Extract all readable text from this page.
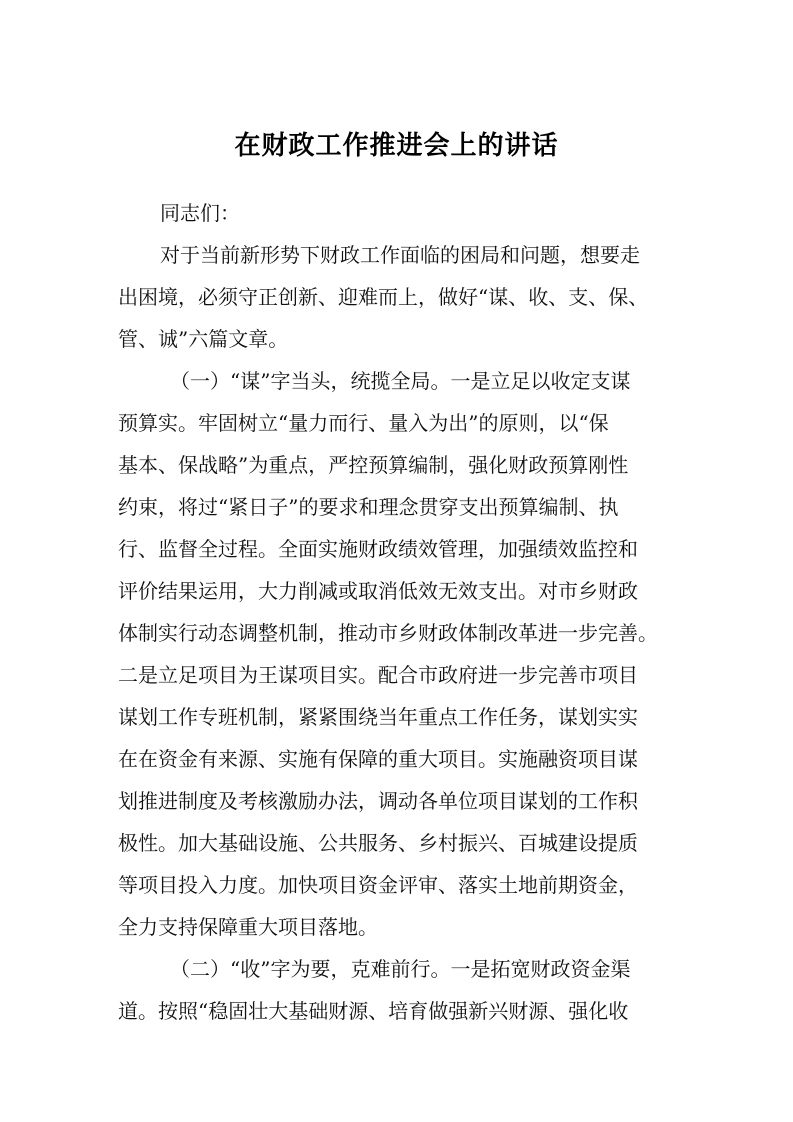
在财政工作推进会上的讲话
同志们：
对于当前新形势下财政工作面临的困局和问题，想要走
出困境，必须守正创新、迎难而上，做好“谋、收、支、保、
管、诚”六篇文章。
（一）“谋”字当头，统揽全局。一是立足以收定支谋
预算实。牢固树立“量力而行、量入为出”的原则，以“保
基本、保战略”为重点，严控预算编制，强化财政预算刚性
约束，将过“紧日子”的要求和理念贯穿支出预算编制、执
行、监督全过程。全面实施财政绩效管理，加强绩效监控和
评价结果运用，大力削减或取消低效无效支出。对市乡财政
体制实行动态调整机制，推动市乡财政体制改革进一步完善。
二是立足项目为王谋项目实。配合市政府进一步完善市项目
谋划工作专班机制，紧紧围绕当年重点工作任务，谋划实实
在在资金有来源、实施有保障的重大项目。实施融资项目谋
划推进制度及考核激励办法，调动各单位项目谋划的工作积
极性。加大基础设施、公共服务、乡村振兴、百城建设提质
等项目投入力度。加快项目资金评审、落实土地前期资金，
全力支持保障重大项目落地。
（二）“收”字为要，克难前行。一是拓宽财政资金渠
道。按照“稳固壮大基础财源、培育做强新兴财源、强化收
